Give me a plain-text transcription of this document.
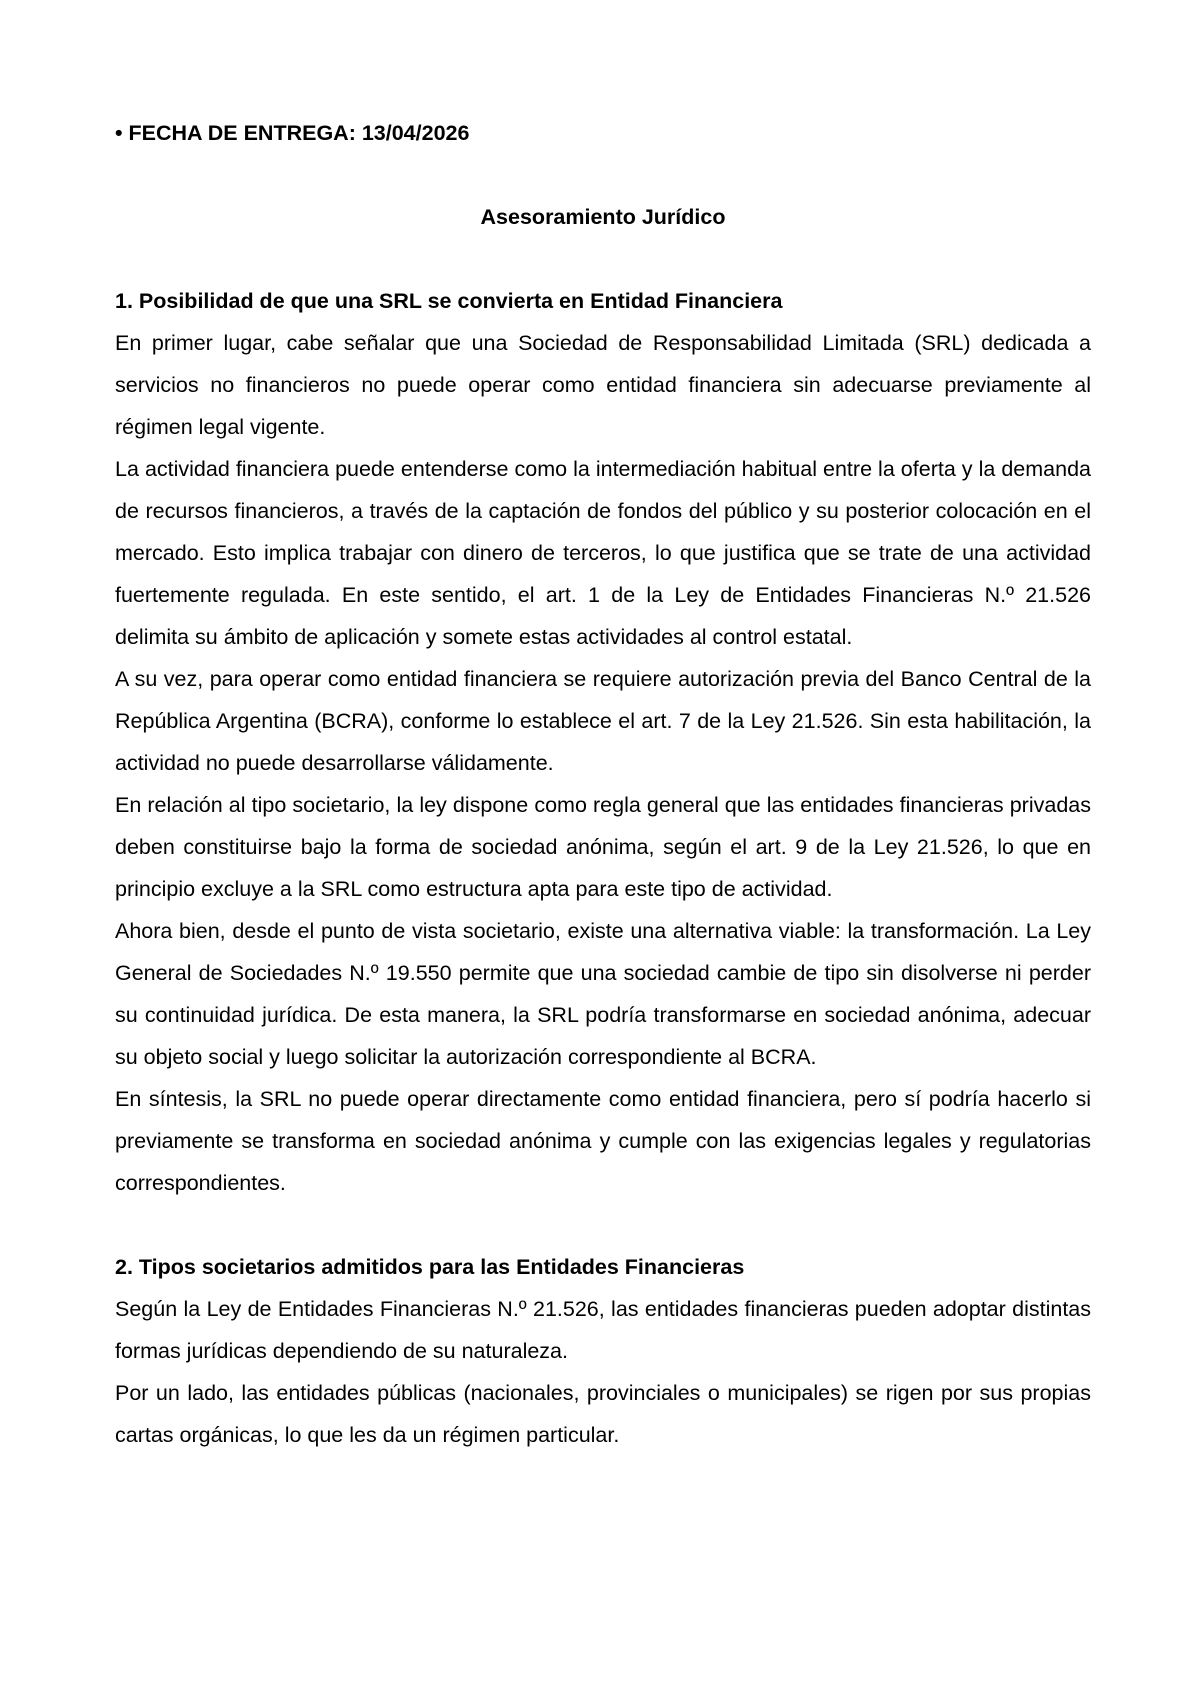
• FECHA DE ENTREGA: 13/04/2026

Asesoramiento Jurídico

1. Posibilidad de que una SRL se convierta en Entidad Financiera

En primer lugar, cabe señalar que una Sociedad de Responsabilidad Limitada (SRL) dedicada a servicios no financieros no puede operar como entidad financiera sin adecuarse previamente al régimen legal vigente.

La actividad financiera puede entenderse como la intermediación habitual entre la oferta y la demanda de recursos financieros, a través de la captación de fondos del público y su posterior colocación en el mercado. Esto implica trabajar con dinero de terceros, lo que justifica que se trate de una actividad fuertemente regulada. En este sentido, el art. 1 de la Ley de Entidades Financieras N.º 21.526 delimita su ámbito de aplicación y somete estas actividades al control estatal.

A su vez, para operar como entidad financiera se requiere autorización previa del Banco Central de la República Argentina (BCRA), conforme lo establece el art. 7 de la Ley 21.526. Sin esta habilitación, la actividad no puede desarrollarse válidamente.

En relación al tipo societario, la ley dispone como regla general que las entidades financieras privadas deben constituirse bajo la forma de sociedad anónima, según el art. 9 de la Ley 21.526, lo que en principio excluye a la SRL como estructura apta para este tipo de actividad.

Ahora bien, desde el punto de vista societario, existe una alternativa viable: la transformación. La Ley General de Sociedades N.º 19.550 permite que una sociedad cambie de tipo sin disolverse ni perder su continuidad jurídica. De esta manera, la SRL podría transformarse en sociedad anónima, adecuar su objeto social y luego solicitar la autorización correspondiente al BCRA.

En síntesis, la SRL no puede operar directamente como entidad financiera, pero sí podría hacerlo si previamente se transforma en sociedad anónima y cumple con las exigencias legales y regulatorias correspondientes.

2. Tipos societarios admitidos para las Entidades Financieras

Según la Ley de Entidades Financieras N.º 21.526, las entidades financieras pueden adoptar distintas formas jurídicas dependiendo de su naturaleza.

Por un lado, las entidades públicas (nacionales, provinciales o municipales) se rigen por sus propias cartas orgánicas, lo que les da un régimen particular.
